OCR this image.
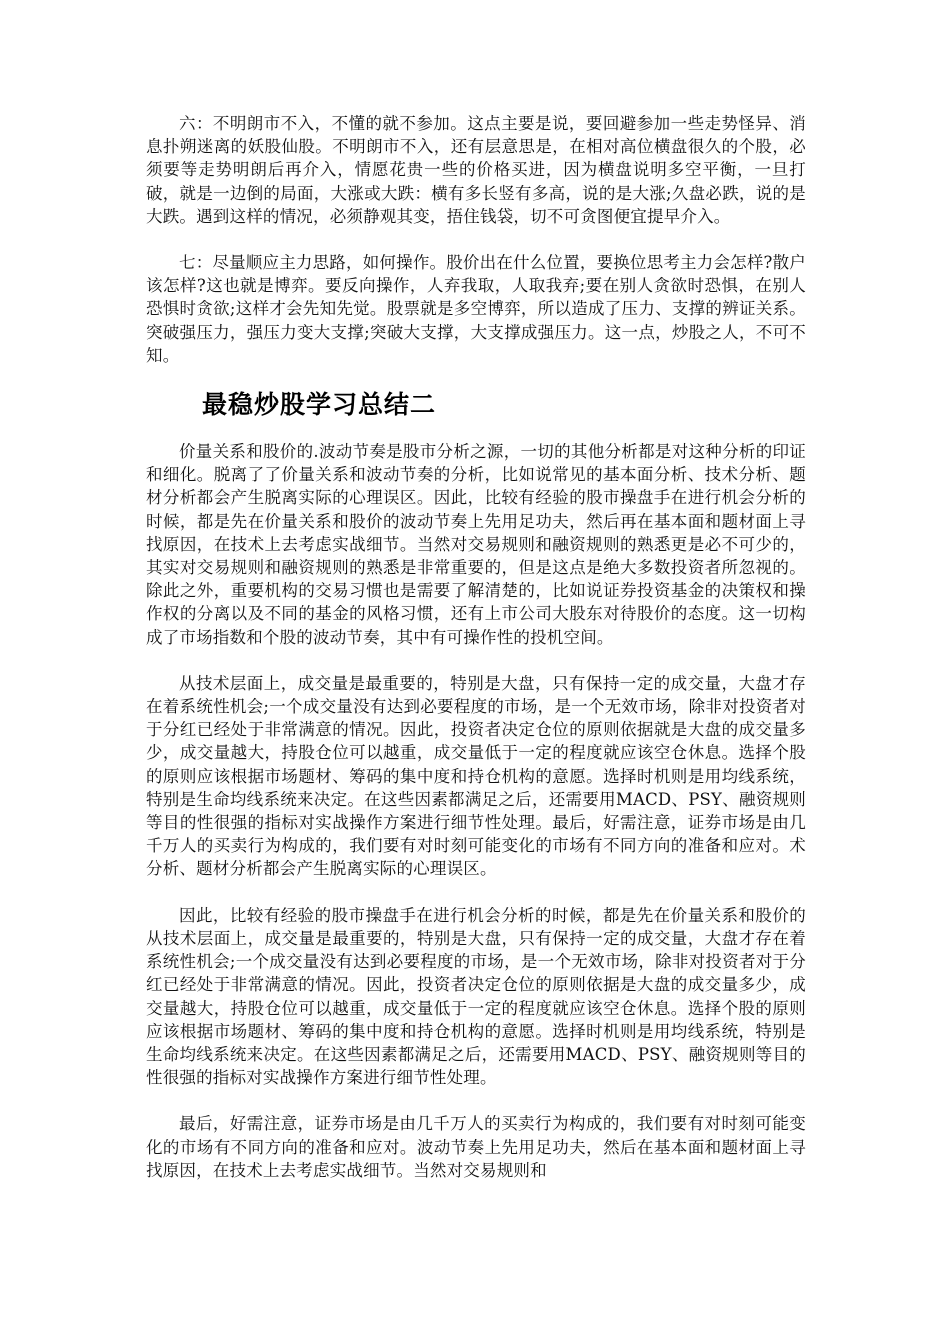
六：不明朗市不入，不懂的就不参加。这点主要是说，要回避参加一些走势怪异、消息扑朔迷离的妖股仙股。不明朗市不入，还有层意思是，在相对高位横盘很久的个股，必须要等走势明朗后再介入，情愿花贵一些的价格买进，因为横盘说明多空平衡，一旦打破，就是一边倒的局面，大涨或大跌：横有多长竖有多高，说的是大涨;久盘必跌，说的是大跌。遇到这样的情况，必须静观其变，捂住钱袋，切不可贪图便宜提早介入。

七：尽量顺应主力思路，如何操作。股价出在什么位置，要换位思考主力会怎样?散户该怎样?这也就是博弈。要反向操作，人弃我取，人取我弃;要在别人贪欲时恐惧，在别人恐惧时贪欲;这样才会先知先觉。股票就是多空博弈，所以造成了压力、支撑的辨证关系。突破强压力，强压力变大支撑;突破大支撑，大支撑成强压力。这一点，炒股之人，不可不知。

最稳炒股学习总结二

价量关系和股价的.波动节奏是股市分析之源，一切的其他分析都是对这种分析的印证和细化。脱离了了价量关系和波动节奏的分析，比如说常见的基本面分析、技术分析、题材分析都会产生脱离实际的心理误区。因此，比较有经验的股市操盘手在进行机会分析的时候，都是先在价量关系和股价的波动节奏上先用足功夫，然后再在基本面和题材面上寻找原因，在技术上去考虑实战细节。当然对交易规则和融资规则的熟悉更是必不可少的，其实对交易规则和融资规则的熟悉是非常重要的，但是这点是绝大多数投资者所忽视的。除此之外，重要机构的交易习惯也是需要了解清楚的，比如说证券投资基金的决策权和操作权的分离以及不同的基金的风格习惯，还有上市公司大股东对待股价的态度。这一切构成了市场指数和个股的波动节奏，其中有可操作性的投机空间。

从技术层面上，成交量是最重要的，特别是大盘，只有保持一定的成交量，大盘才存在着系统性机会;一个成交量没有达到必要程度的市场，是一个无效市场，除非对投资者对于分红已经处于非常满意的情况。因此，投资者决定仓位的原则依据就是大盘的成交量多少，成交量越大，持股仓位可以越重，成交量低于一定的程度就应该空仓休息。选择个股的原则应该根据市场题材、筹码的集中度和持仓机构的意愿。选择时机则是用均线系统，特别是生命均线系统来决定。在这些因素都满足之后，还需要用MACD、PSY、融资规则等目的性很强的指标对实战操作方案进行细节性处理。最后，好需注意，证券市场是由几千万人的买卖行为构成的，我们要有对时刻可能变化的市场有不同方向的准备和应对。术分析、题材分析都会产生脱离实际的心理误区。

因此，比较有经验的股市操盘手在进行机会分析的时候，都是先在价量关系和股价的从技术层面上，成交量是最重要的，特别是大盘，只有保持一定的成交量，大盘才存在着系统性机会;一个成交量没有达到必要程度的市场，是一个无效市场，除非对投资者对于分红已经处于非常满意的情况。因此，投资者决定仓位的原则依据是大盘的成交量多少，成交量越大，持股仓位可以越重，成交量低于一定的程度就应该空仓休息。选择个股的原则应该根据市场题材、筹码的集中度和持仓机构的意愿。选择时机则是用均线系统，特别是生命均线系统来决定。在这些因素都满足之后，还需要用MACD、PSY、融资规则等目的性很强的指标对实战操作方案进行细节性处理。

最后，好需注意，证券市场是由几千万人的买卖行为构成的，我们要有对时刻可能变化的市场有不同方向的准备和应对。波动节奏上先用足功夫，然后在基本面和题材面上寻找原因，在技术上去考虑实战细节。当然对交易规则和
